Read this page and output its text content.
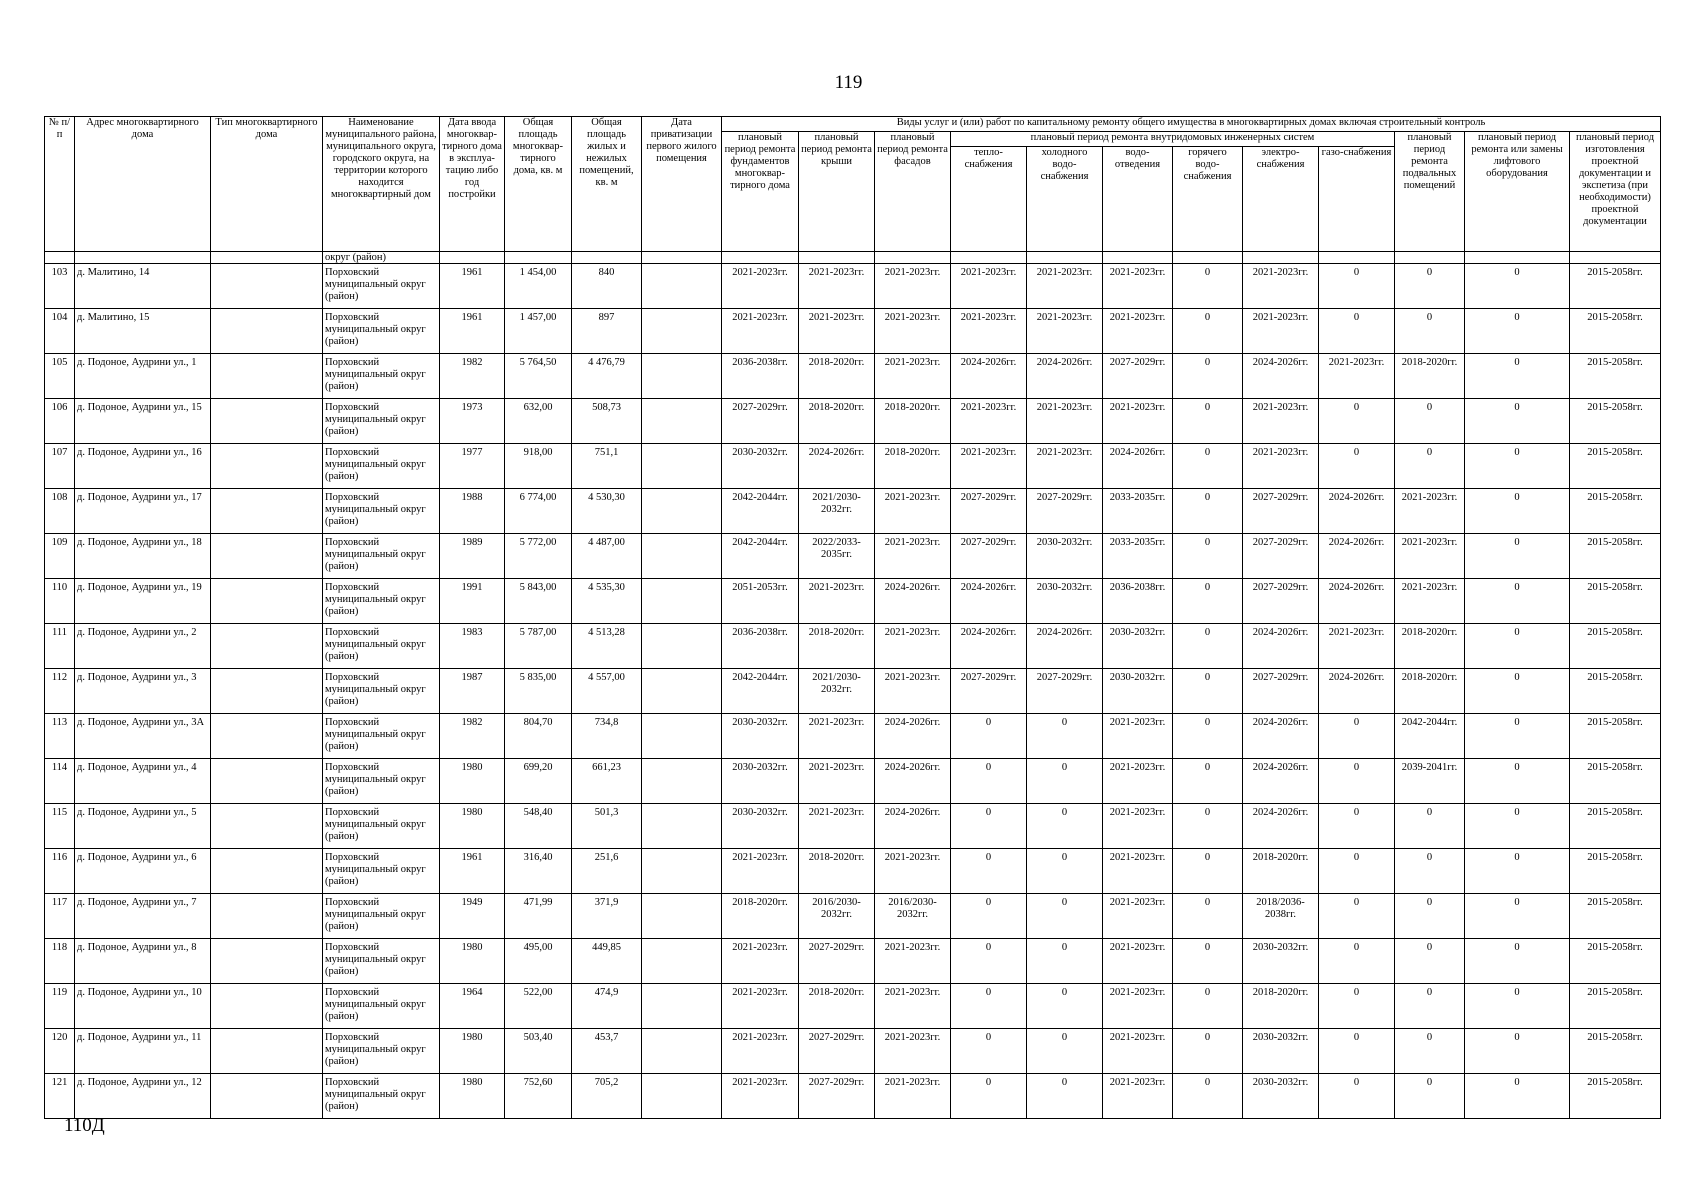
119
№ п/п	Адрес многоквартирного дома	Тип многоквартирного дома	Наименование муниципального района, муниципального округа, городского округа, на территории которого находится многоквартирный дом	Дата ввода многоквар-тирного дома в эксплуа-тацию либо год постройки	Общая площадь многоквар-тирного дома, кв. м	Общая площадь жилых и нежилых помещений, кв. м	Дата приватизации первого жилого помещения	Виды услуг и (или) работ по капитальному ремонту общего имущества в многоквартирных домах включая строительный контроль											
								плановый период ремонта фундаментов многоквар-тирного дома	плановый период ремонта крыши	плановый период ремонта фасадов	плановый период ремонта внутридомовых инженерных систем						плановый период ремонта подвальных помещений	плановый период ремонта или замены лифтового оборудования	плановый период изготовления проектной документации и экспетиза (при необходимости) проектной документации
											тепло-снабжения	холодного водо-снабжения	водо-отведения	горячего водо-снабжения	электро-снабжения	газо-снабжения			
			округ (район)																
103	д. Малитино, 14		Порховский муниципальный округ (район)	1961	1 454,00	840		2021-2023гг.	2021-2023гг.	2021-2023гг.	2021-2023гг.	2021-2023гг.	2021-2023гг.	0	2021-2023гг.	0	0	0	2015-2058гг.
104	д. Малитино, 15		Порховский муниципальный округ (район)	1961	1 457,00	897		2021-2023гг.	2021-2023гг.	2021-2023гг.	2021-2023гг.	2021-2023гг.	2021-2023гг.	0	2021-2023гг.	0	0	0	2015-2058гг.
105	д. Подоное, Аудрини ул., 1		Порховский муниципальный округ (район)	1982	5 764,50	4 476,79		2036-2038гг.	2018-2020гг.	2021-2023гг.	2024-2026гг.	2024-2026гг.	2027-2029гг.	0	2024-2026гг.	2021-2023гг.	2018-2020гг.	0	2015-2058гг.
106	д. Подоное, Аудрини ул., 15		Порховский муниципальный округ (район)	1973	632,00	508,73		2027-2029гг.	2018-2020гг.	2018-2020гг.	2021-2023гг.	2021-2023гг.	2021-2023гг.	0	2021-2023гг.	0	0	0	2015-2058гг.
107	д. Подоное, Аудрини ул., 16		Порховский муниципальный округ (район)	1977	918,00	751,1		2030-2032гг.	2024-2026гг.	2018-2020гг.	2021-2023гг.	2021-2023гг.	2024-2026гг.	0	2021-2023гг.	0	0	0	2015-2058гг.
108	д. Подоное, Аудрини ул., 17		Порховский муниципальный округ (район)	1988	6 774,00	4 530,30		2042-2044гг.	2021/2030-2032гг.	2021-2023гг.	2027-2029гг.	2027-2029гг.	2033-2035гг.	0	2027-2029гг.	2024-2026гг.	2021-2023гг.	0	2015-2058гг.
109	д. Подоное, Аудрини ул., 18		Порховский муниципальный округ (район)	1989	5 772,00	4 487,00		2042-2044гг.	2022/2033-2035гг.	2021-2023гг.	2027-2029гг.	2030-2032гг.	2033-2035гг.	0	2027-2029гг.	2024-2026гг.	2021-2023гг.	0	2015-2058гг.
110	д. Подоное, Аудрини ул., 19		Порховский муниципальный округ (район)	1991	5 843,00	4 535,30		2051-2053гг.	2021-2023гг.	2024-2026гг.	2024-2026гг.	2030-2032гг.	2036-2038гг.	0	2027-2029гг.	2024-2026гг.	2021-2023гг.	0	2015-2058гг.
111	д. Подоное, Аудрини ул., 2		Порховский муниципальный округ (район)	1983	5 787,00	4 513,28		2036-2038гг.	2018-2020гг.	2021-2023гг.	2024-2026гг.	2024-2026гг.	2030-2032гг.	0	2024-2026гг.	2021-2023гг.	2018-2020гг.	0	2015-2058гг.
112	д. Подоное, Аудрини ул., 3		Порховский муниципальный округ (район)	1987	5 835,00	4 557,00		2042-2044гг.	2021/2030-2032гг.	2021-2023гг.	2027-2029гг.	2027-2029гг.	2030-2032гг.	0	2027-2029гг.	2024-2026гг.	2018-2020гг.	0	2015-2058гг.
113	д. Подоное, Аудрини ул., 3А		Порховский муниципальный округ (район)	1982	804,70	734,8		2030-2032гг.	2021-2023гг.	2024-2026гг.	0	0	2021-2023гг.	0	2024-2026гг.	0	2042-2044гг.	0	2015-2058гг.
114	д. Подоное, Аудрини ул., 4		Порховский муниципальный округ (район)	1980	699,20	661,23		2030-2032гг.	2021-2023гг.	2024-2026гг.	0	0	2021-2023гг.	0	2024-2026гг.	0	2039-2041гг.	0	2015-2058гг.
115	д. Подоное, Аудрини ул., 5		Порховский муниципальный округ (район)	1980	548,40	501,3		2030-2032гг.	2021-2023гг.	2024-2026гг.	0	0	2021-2023гг.	0	2024-2026гг.	0	0	0	2015-2058гг.
116	д. Подоное, Аудрини ул., 6		Порховский муниципальный округ (район)	1961	316,40	251,6		2021-2023гг.	2018-2020гг.	2021-2023гг.	0	0	2021-2023гг.	0	2018-2020гг.	0	0	0	2015-2058гг.
117	д. Подоное, Аудрини ул., 7		Порховский муниципальный округ (район)	1949	471,99	371,9		2018-2020гг.	2016/2030-2032гг.	2016/2030-2032гг.	0	0	2021-2023гг.	0	2018/2036-2038гг.	0	0	0	2015-2058гг.
118	д. Подоное, Аудрини ул., 8		Порховский муниципальный округ (район)	1980	495,00	449,85		2021-2023гг.	2027-2029гг.	2021-2023гг.	0	0	2021-2023гг.	0	2030-2032гг.	0	0	0	2015-2058гг.
119	д. Подоное, Аудрини ул., 10		Порховский муниципальный округ (район)	1964	522,00	474,9		2021-2023гг.	2018-2020гг.	2021-2023гг.	0	0	2021-2023гг.	0	2018-2020гг.	0	0	0	2015-2058гг.
120	д. Подоное, Аудрини ул., 11		Порховский муниципальный округ (район)	1980	503,40	453,7		2021-2023гг.	2027-2029гг.	2021-2023гг.	0	0	2021-2023гг.	0	2030-2032гг.	0	0	0	2015-2058гг.
121	д. Подоное, Аудрини ул., 12		Порховский муниципальный округ (район)	1980	752,60	705,2		2021-2023гг.	2027-2029гг.	2021-2023гг.	0	0	2021-2023гг.	0	2030-2032гг.	0	0	0	2015-2058гг.
110Д
